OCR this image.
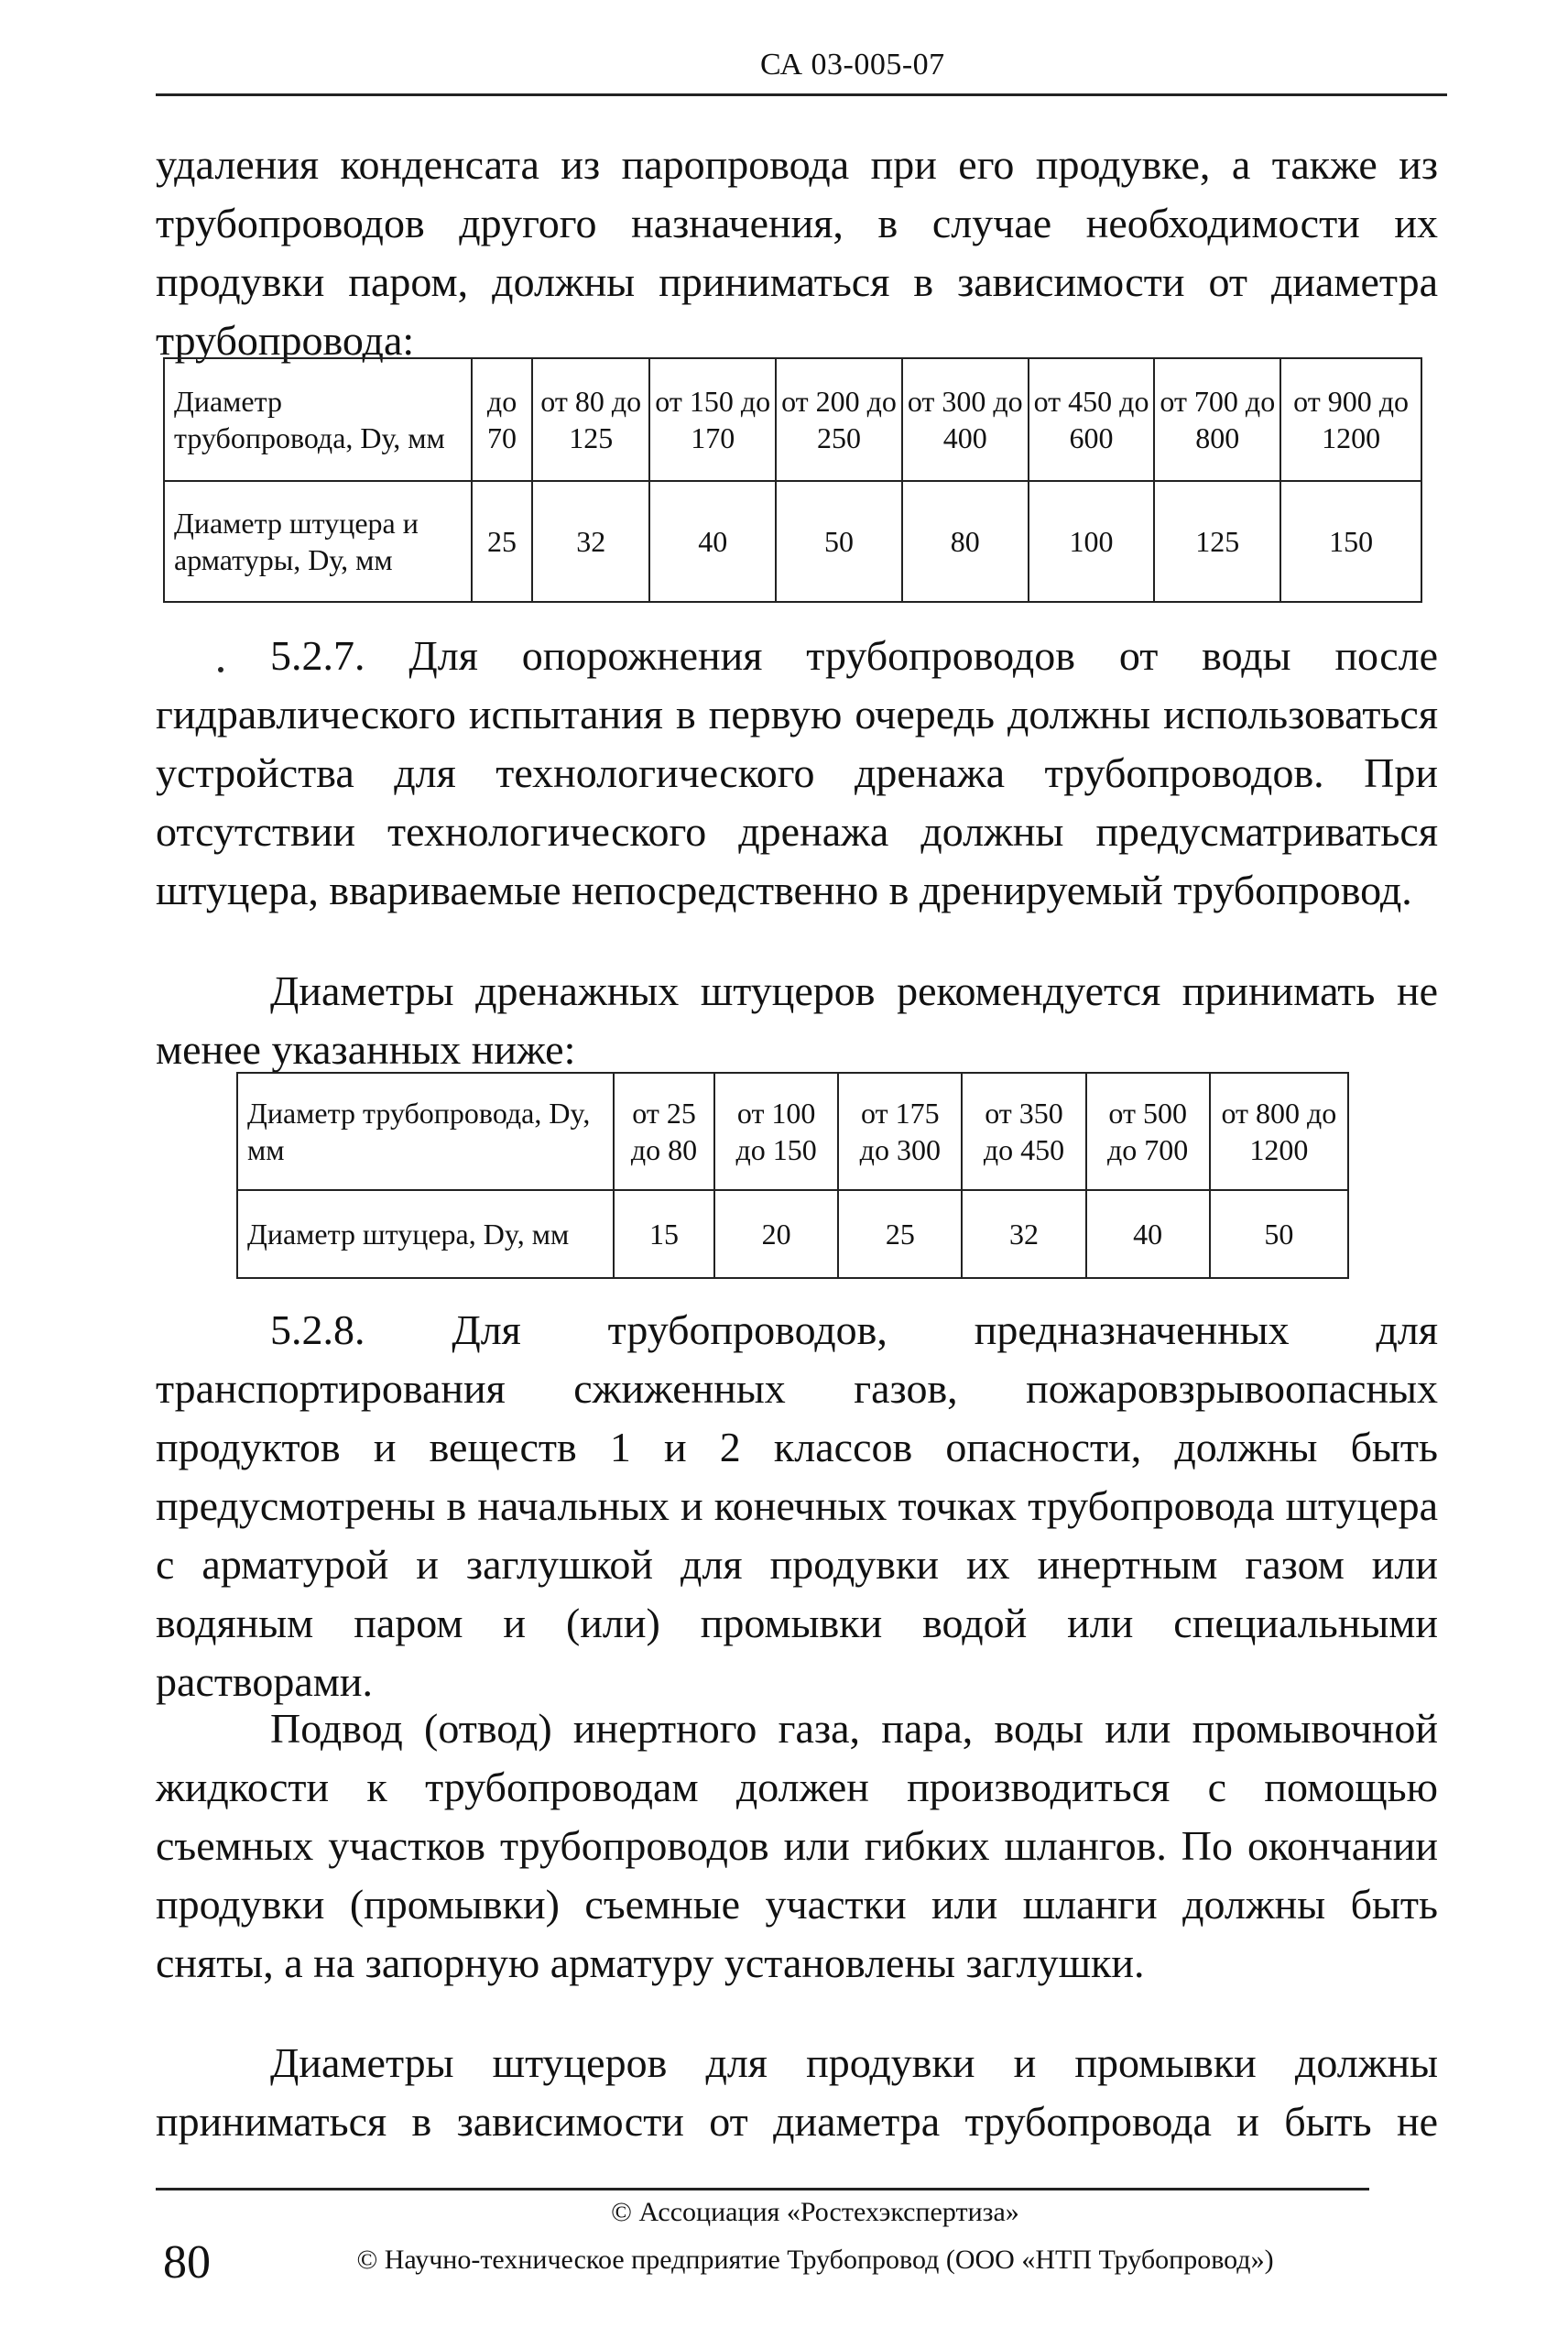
СА 03-005-07

удаления конденсата из паропровода при его продувке, а также из трубопроводов другого назначения, в случае необходимости их продувки паром, должны приниматься в зависимости от диаметра трубопровода:

Диаметр трубопровода, Dу, мм	до 70	от 80 до 125	от 150 до 170	от 200 до 250	от 300 до 400	от 450 до 600	от 700 до 800	от 900 до 1200
Диаметр штуцера и арматуры, Dу, мм	25	32	40	50	80	100	125	150

5.2.7. Для опорожнения трубопроводов от воды после гидравлического испытания в первую очередь должны использоваться устройства для технологического дренажа трубопроводов. При отсутствии технологического дренажа должны предусматриваться штуцера, ввариваемые непосредственно в дренируемый трубопровод.

Диаметры дренажных штуцеров рекомендуется принимать не менее указанных ниже:

Диаметр трубопровода, Dy, мм	от 25 до 80	от 100 до 150	от 175 до 300	от 350 до 450	от 500 до 700	от 800 до 1200
Диаметр штуцера, Dy, мм	15	20	25	32	40	50

5.2.8. Для трубопроводов, предназначенных для транспортирования сжиженных газов, пожаровзрывоопасных продуктов и веществ 1 и 2 классов опасности, должны быть предусмотрены в начальных и конечных точках трубопровода штуцера с арматурой и заглушкой для продувки их инертным газом или водяным паром и (или) промывки водой или специальными растворами.

Подвод (отвод) инертного газа, пара, воды или промывочной жидкости к трубопроводам должен производиться с помощью съемных участков трубопроводов или гибких шлангов. По окончании продувки (промывки) съемные участки или шланги должны быть сняты, а на запорную арматуру установлены заглушки.

Диаметры штуцеров для продувки и промывки должны приниматься в зависимости от диаметра трубопровода и быть не

© Ассоциация «Ростехэкспертиза»
80	© Научно-техническое предприятие Трубопровод (ООО «НТП Трубопровод»)
